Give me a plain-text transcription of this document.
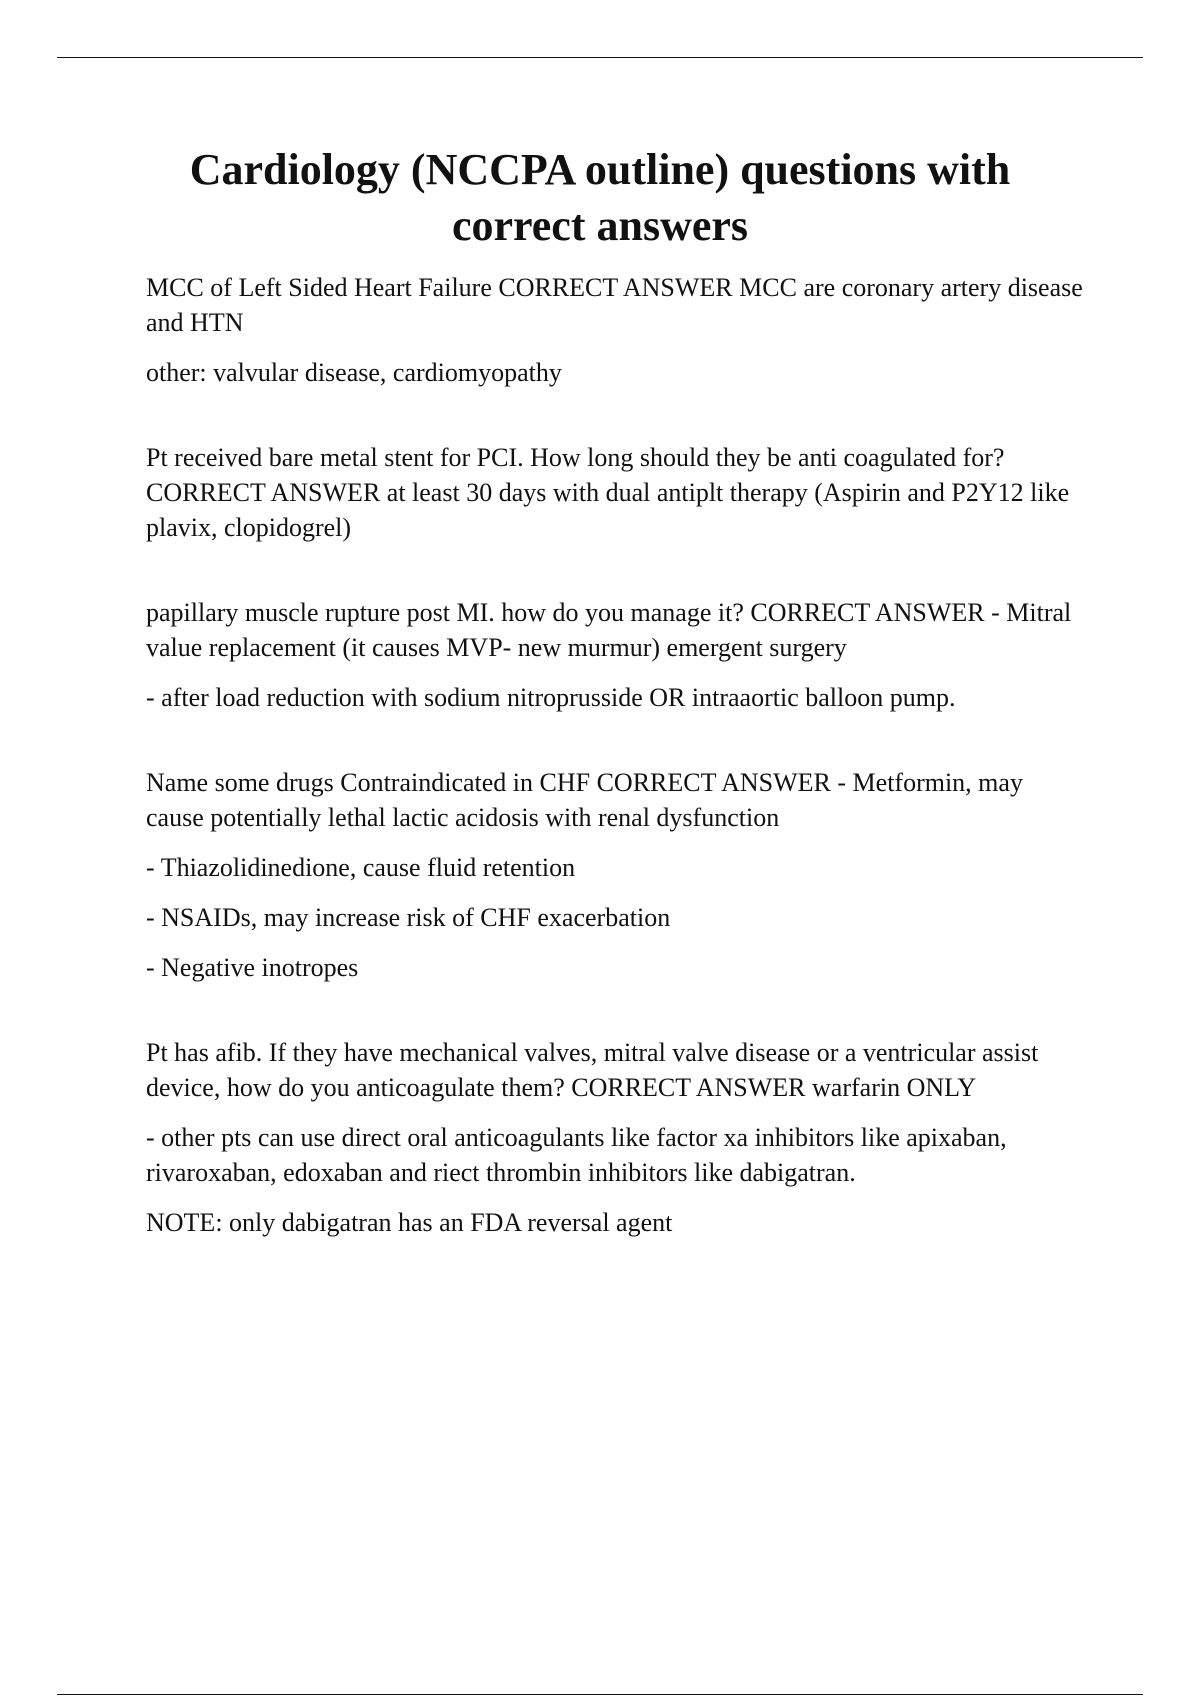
Cardiology (NCCPA outline) questions with correct answers

MCC of Left Sided Heart Failure CORRECT ANSWER MCC are coronary artery disease and HTN

other: valvular disease, cardiomyopathy

Pt received bare metal stent for PCI. How long should they be anti coagulated for? CORRECT ANSWER at least 30 days with dual antiplt therapy (Aspirin and P2Y12 like plavix, clopidogrel)

papillary muscle rupture post MI. how do you manage it? CORRECT ANSWER - Mitral value replacement (it causes MVP- new murmur) emergent surgery

- after load reduction with sodium nitroprusside OR intraaortic balloon pump.

Name some drugs Contraindicated in CHF CORRECT ANSWER - Metformin, may cause potentially lethal lactic acidosis with renal dysfunction

- Thiazolidinedione, cause fluid retention

- NSAIDs, may increase risk of CHF exacerbation

- Negative inotropes

Pt has afib. If they have mechanical valves, mitral valve disease or a ventricular assist device, how do you anticoagulate them? CORRECT ANSWER warfarin ONLY

- other pts can use direct oral anticoagulants like factor xa inhibitors like apixaban, rivaroxaban, edoxaban and riect thrombin inhibitors like dabigatran.

NOTE: only dabigatran has an FDA reversal agent
